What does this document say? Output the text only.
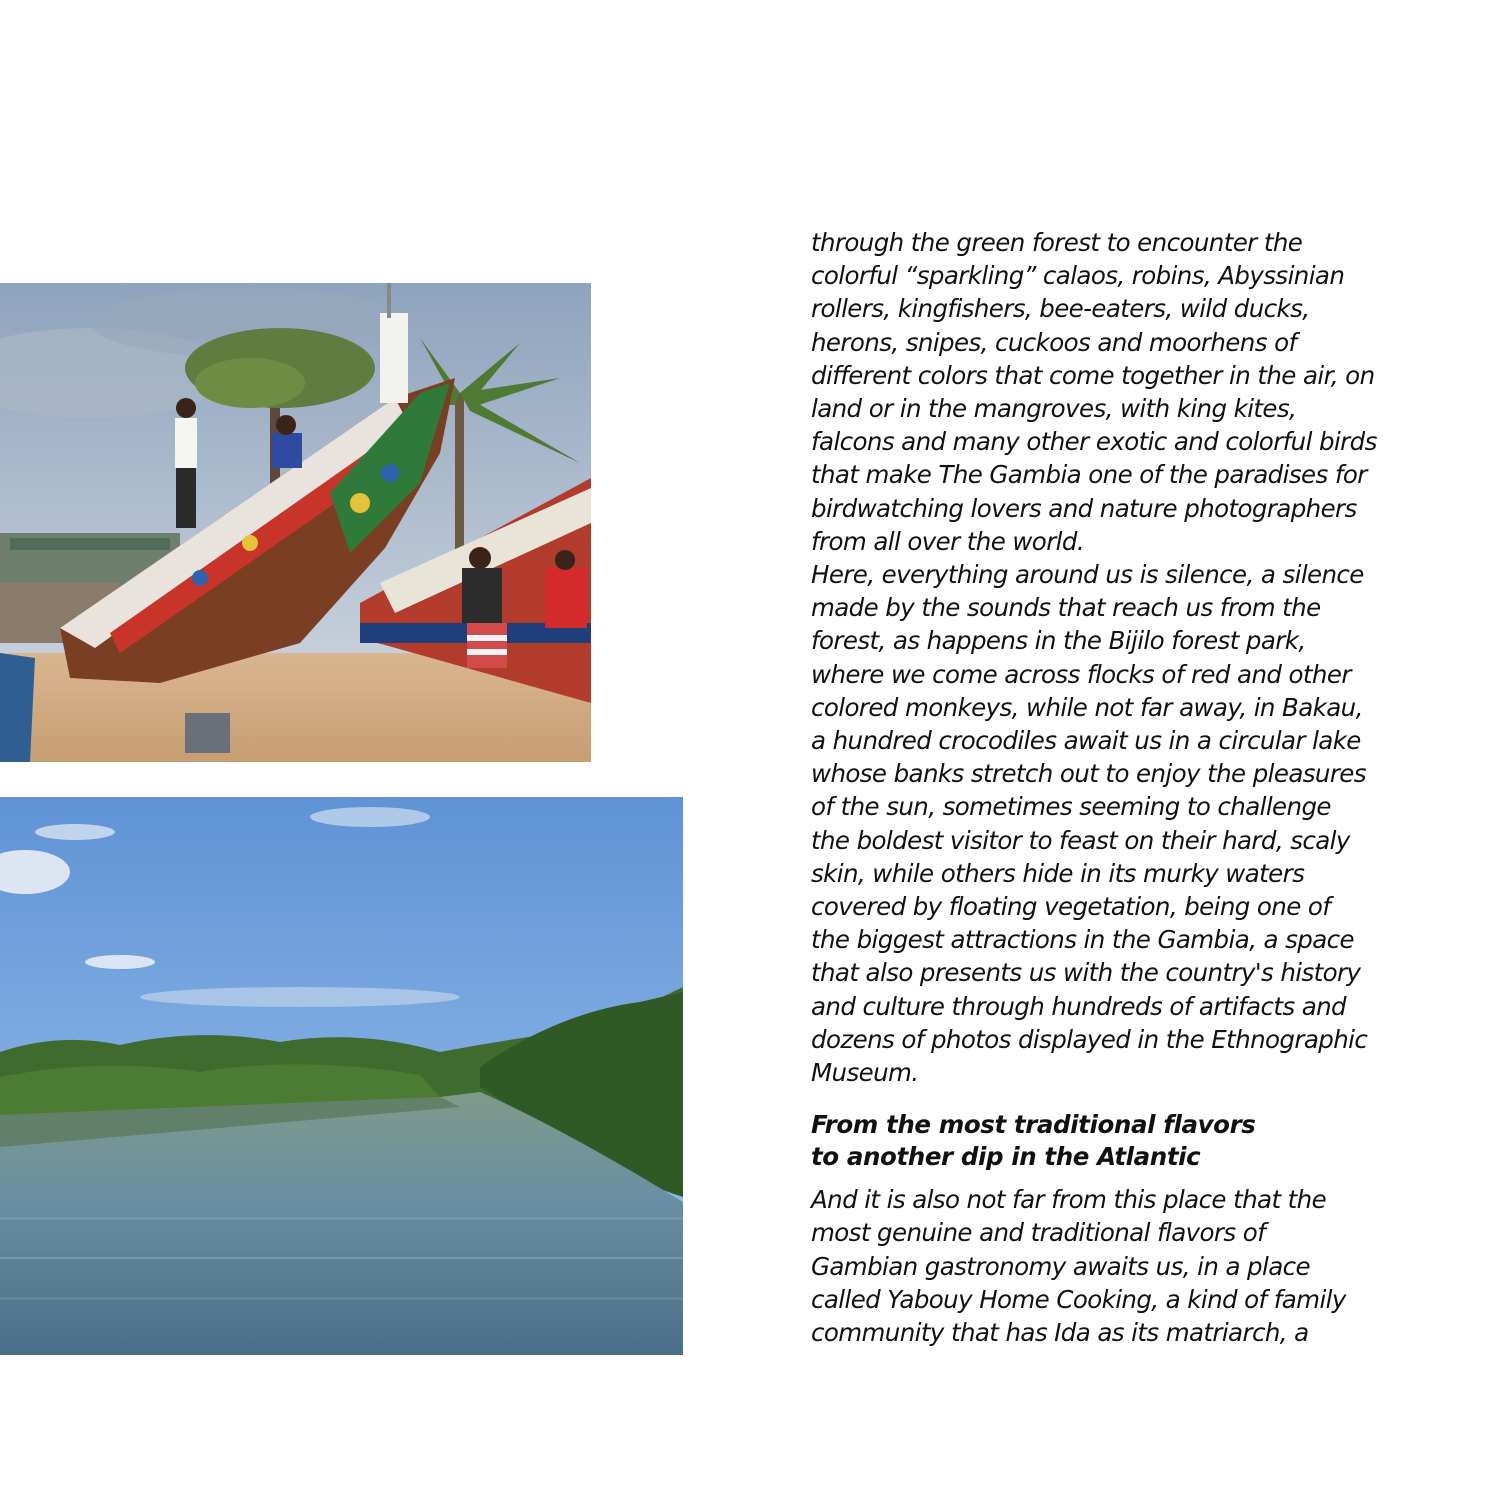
through the green forest to encounter the
colorful “sparkling” calaos, robins, Abyssinian
rollers, kingfishers, bee-eaters, wild ducks,
herons, snipes, cuckoos and moorhens of
different colors that come together in the air, on
land or in the mangroves, with king kites,
falcons and many other exotic and colorful birds
that make The Gambia one of the paradises for
birdwatching lovers and nature photographers
from all over the world.
Here, everything around us is silence, a silence
made by the sounds that reach us from the
forest, as happens in the Bijilo forest park,
where we come across flocks of red and other
colored monkeys, while not far away, in Bakau,
a hundred crocodiles await us in a circular lake
whose banks stretch out to enjoy the pleasures
of the sun, sometimes seeming to challenge
the boldest visitor to feast on their hard, scaly
skin, while others hide in its murky waters
covered by floating vegetation, being one of
the biggest attractions in the Gambia, a space
that also presents us with the country's history
and culture through hundreds of artifacts and
dozens of photos displayed in the Ethnographic
Museum.
From the most traditional flavors
to another dip in the Atlantic
And it is also not far from this place that the
most genuine and traditional flavors of
Gambian gastronomy awaits us, in a place
called Yabouy Home Cooking, a kind of family
community that has Ida as its matriarch, a
